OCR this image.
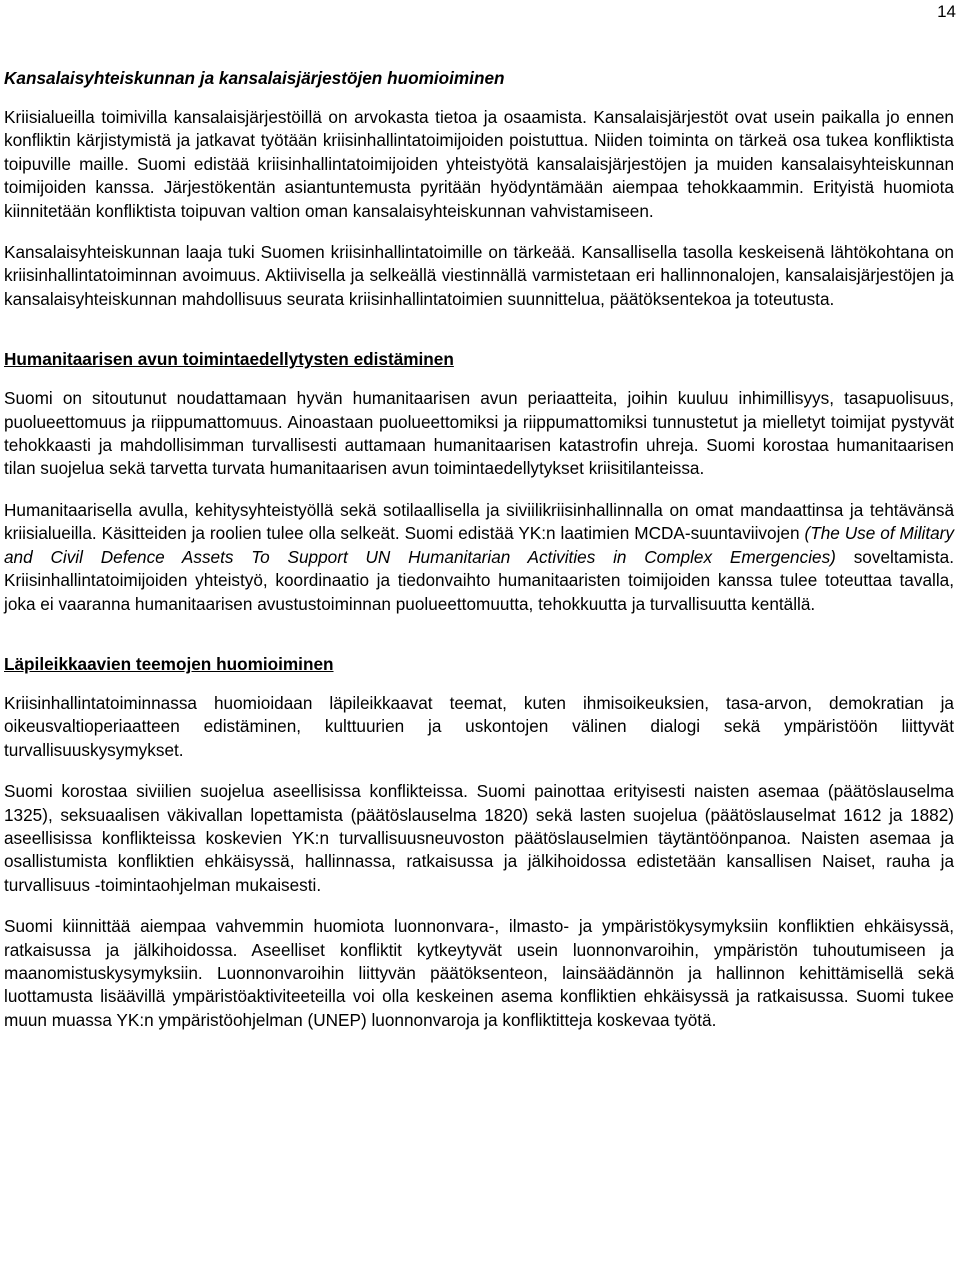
14
Kansalaisyhteiskunnan ja kansalaisjärjestöjen huomioiminen

Kriisialueilla toimivilla kansalaisjärjestöillä on arvokasta tietoa ja osaamista. Kansalaisjärjestöt ovat usein paikalla jo ennen konfliktin kärjistymistä ja jatkavat työtään kriisinhallintatoimijoiden poistuttua. Niiden toiminta on tärkeä osa tukea konfliktista toipuville maille. Suomi edistää kriisinhallintatoimijoiden yhteistyötä kansalaisjärjestöjen ja muiden kansalaisyhteiskunnan toimijoiden kanssa. Järjestökentän asiantuntemusta pyritään hyödyntämään aiempaa tehokkaammin. Erityistä huomiota kiinnitetään konfliktista toipuvan valtion oman kansalaisyhteiskunnan vahvistamiseen.

Kansalaisyhteiskunnan laaja tuki Suomen kriisinhallintatoimille on tärkeää. Kansallisella tasolla keskeisenä lähtökohtana on kriisinhallintatoiminnan avoimuus. Aktiivisella ja selkeällä viestinnällä varmistetaan eri hallinnonalojen, kansalaisjärjestöjen ja kansalaisyhteiskunnan mahdollisuus seurata kriisinhallintatoimien suunnittelua, päätöksentekoa ja toteutusta.

Humanitaarisen avun toimintaedellytysten edistäminen

Suomi on sitoutunut noudattamaan hyvän humanitaarisen avun periaatteita, joihin kuuluu inhimillisyys, tasapuolisuus, puolueettomuus ja riippumattomuus. Ainoastaan puolueettomiksi ja riippumattomiksi tunnustetut ja mielletyt toimijat pystyvät tehokkaasti ja mahdollisimman turvallisesti auttamaan humanitaarisen katastrofin uhreja. Suomi korostaa humanitaarisen tilan suojelua sekä tarvetta turvata humanitaarisen avun toimintaedellytykset kriisitilanteissa.

Humanitaarisella avulla, kehitysyhteistyöllä sekä sotilaallisella ja siviilikriisinhallinnalla on omat mandaattinsa ja tehtävänsä kriisialueilla. Käsitteiden ja roolien tulee olla selkeät. Suomi edistää YK:n laatimien MCDA-suuntaviivojen (The Use of Military and Civil Defence Assets To Support UN Humanitarian Activities in Complex Emergencies) soveltamista. Kriisinhallintatoimijoiden yhteistyö, koordinaatio ja tiedonvaihto humanitaaristen toimijoiden kanssa tulee toteuttaa tavalla, joka ei vaaranna humanitaarisen avustustoiminnan puolueettomuutta, tehokkuutta ja turvallisuutta kentällä.

Läpileikkaavien teemojen huomioiminen

Kriisinhallintatoiminnassa huomioidaan läpileikkaavat teemat, kuten ihmisoikeuksien, tasa-arvon, demokratian ja oikeusvaltioperiaatteen edistäminen, kulttuurien ja uskontojen välinen dialogi sekä ympäristöön liittyvät turvallisuuskysymykset.

Suomi korostaa siviilien suojelua aseellisissa konflikteissa. Suomi painottaa erityisesti naisten asemaa (päätöslauselma 1325), seksuaalisen väkivallan lopettamista (päätöslauselma 1820) sekä lasten suojelua (päätöslauselmat 1612 ja 1882) aseellisissa konflikteissa koskevien YK:n turvallisuusneuvoston päätöslauselmien täytäntöönpanoa. Naisten asemaa ja osallistumista konfliktien ehkäisyssä, hallinnassa, ratkaisussa ja jälkihoidossa edistetään kansallisen Naiset, rauha ja turvallisuus -toimintaohjelman mukaisesti.

Suomi kiinnittää aiempaa vahvemmin huomiota luonnonvara-, ilmasto- ja ympäristökysymyksiin konfliktien ehkäisyssä, ratkaisussa ja jälkihoidossa. Aseelliset konfliktit kytkeytyvät usein luonnonvaroihin, ympäristön tuhoutumiseen ja maanomistuskysymyksiin. Luonnonvaroihin liittyvän päätöksenteon, lainsäädännön ja hallinnon kehittämisellä sekä luottamusta lisäävillä ympäristöaktiviteeteilla voi olla keskeinen asema konfliktien ehkäisyssä ja ratkaisussa. Suomi tukee muun muassa YK:n ympäristöohjelman (UNEP) luonnonvaroja ja konfliktitteja koskevaa työtä.
